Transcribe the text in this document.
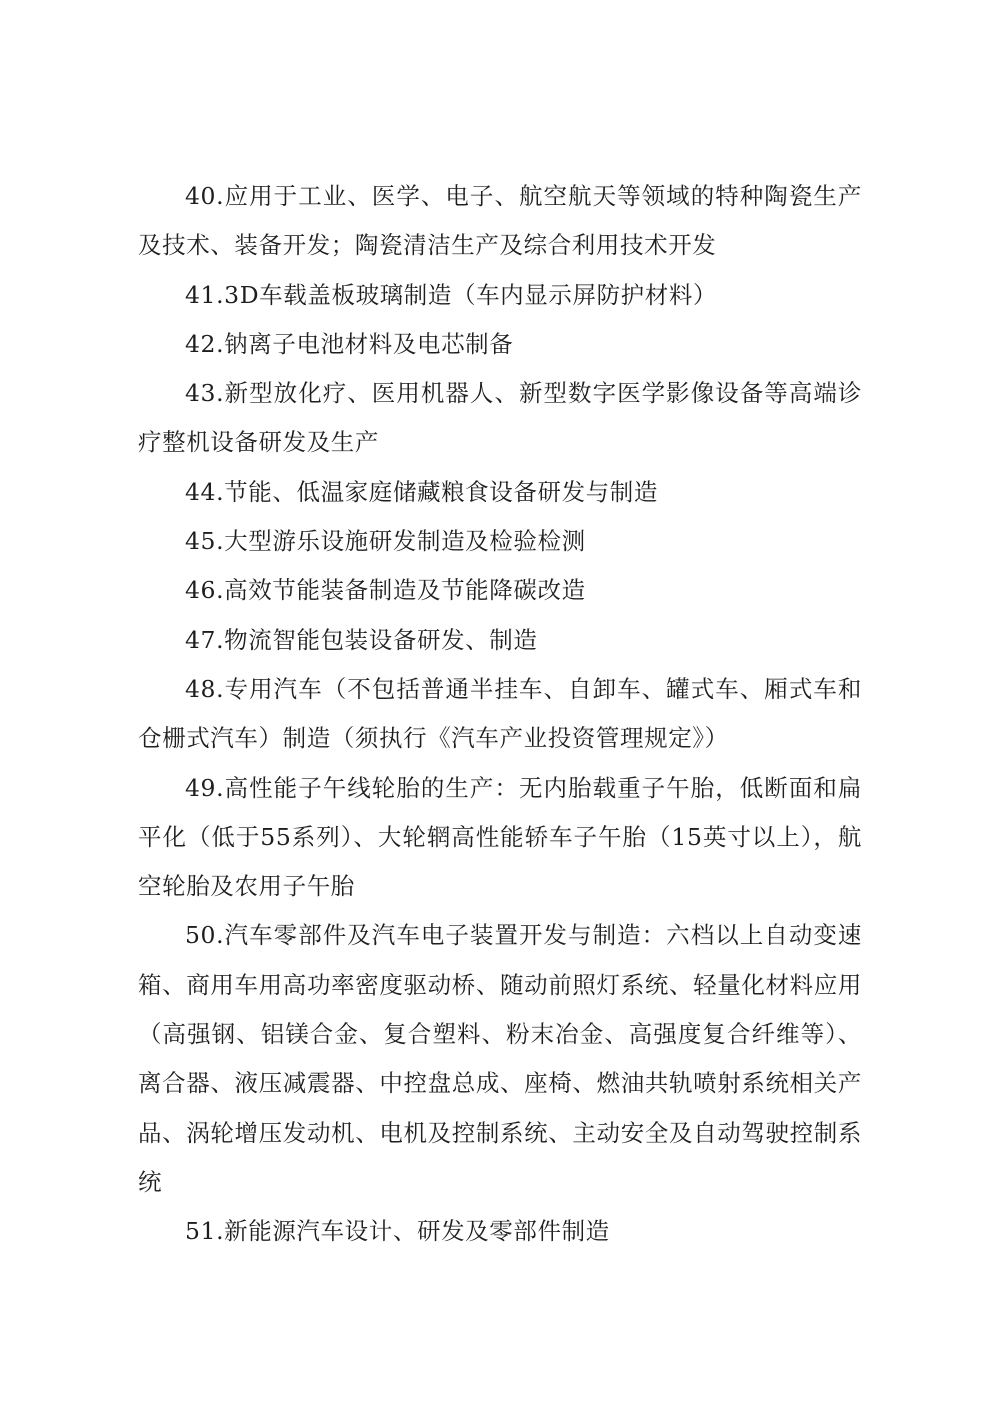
40.应用于工业、医学、电子、航空航天等领域的特种陶瓷生产及技术、装备开发；陶瓷清洁生产及综合利用技术开发

41.3D车载盖板玻璃制造（车内显示屏防护材料）

42.钠离子电池材料及电芯制备

43.新型放化疗、医用机器人、新型数字医学影像设备等高端诊疗整机设备研发及生产

44.节能、低温家庭储藏粮食设备研发与制造

45.大型游乐设施研发制造及检验检测

46.高效节能装备制造及节能降碳改造

47.物流智能包装设备研发、制造

48.专用汽车（不包括普通半挂车、自卸车、罐式车、厢式车和仓栅式汽车）制造（须执行《汽车产业投资管理规定》）

49.高性能子午线轮胎的生产：无内胎载重子午胎，低断面和扁平化（低于55系列）、大轮辋高性能轿车子午胎（15英寸以上），航空轮胎及农用子午胎

50.汽车零部件及汽车电子装置开发与制造：六档以上自动变速箱、商用车用高功率密度驱动桥、随动前照灯系统、轻量化材料应用（高强钢、铝镁合金、复合塑料、粉末冶金、高强度复合纤维等）、离合器、液压减震器、中控盘总成、座椅、燃油共轨喷射系统相关产品、涡轮增压发动机、电机及控制系统、主动安全及自动驾驶控制系统

51.新能源汽车设计、研发及零部件制造
